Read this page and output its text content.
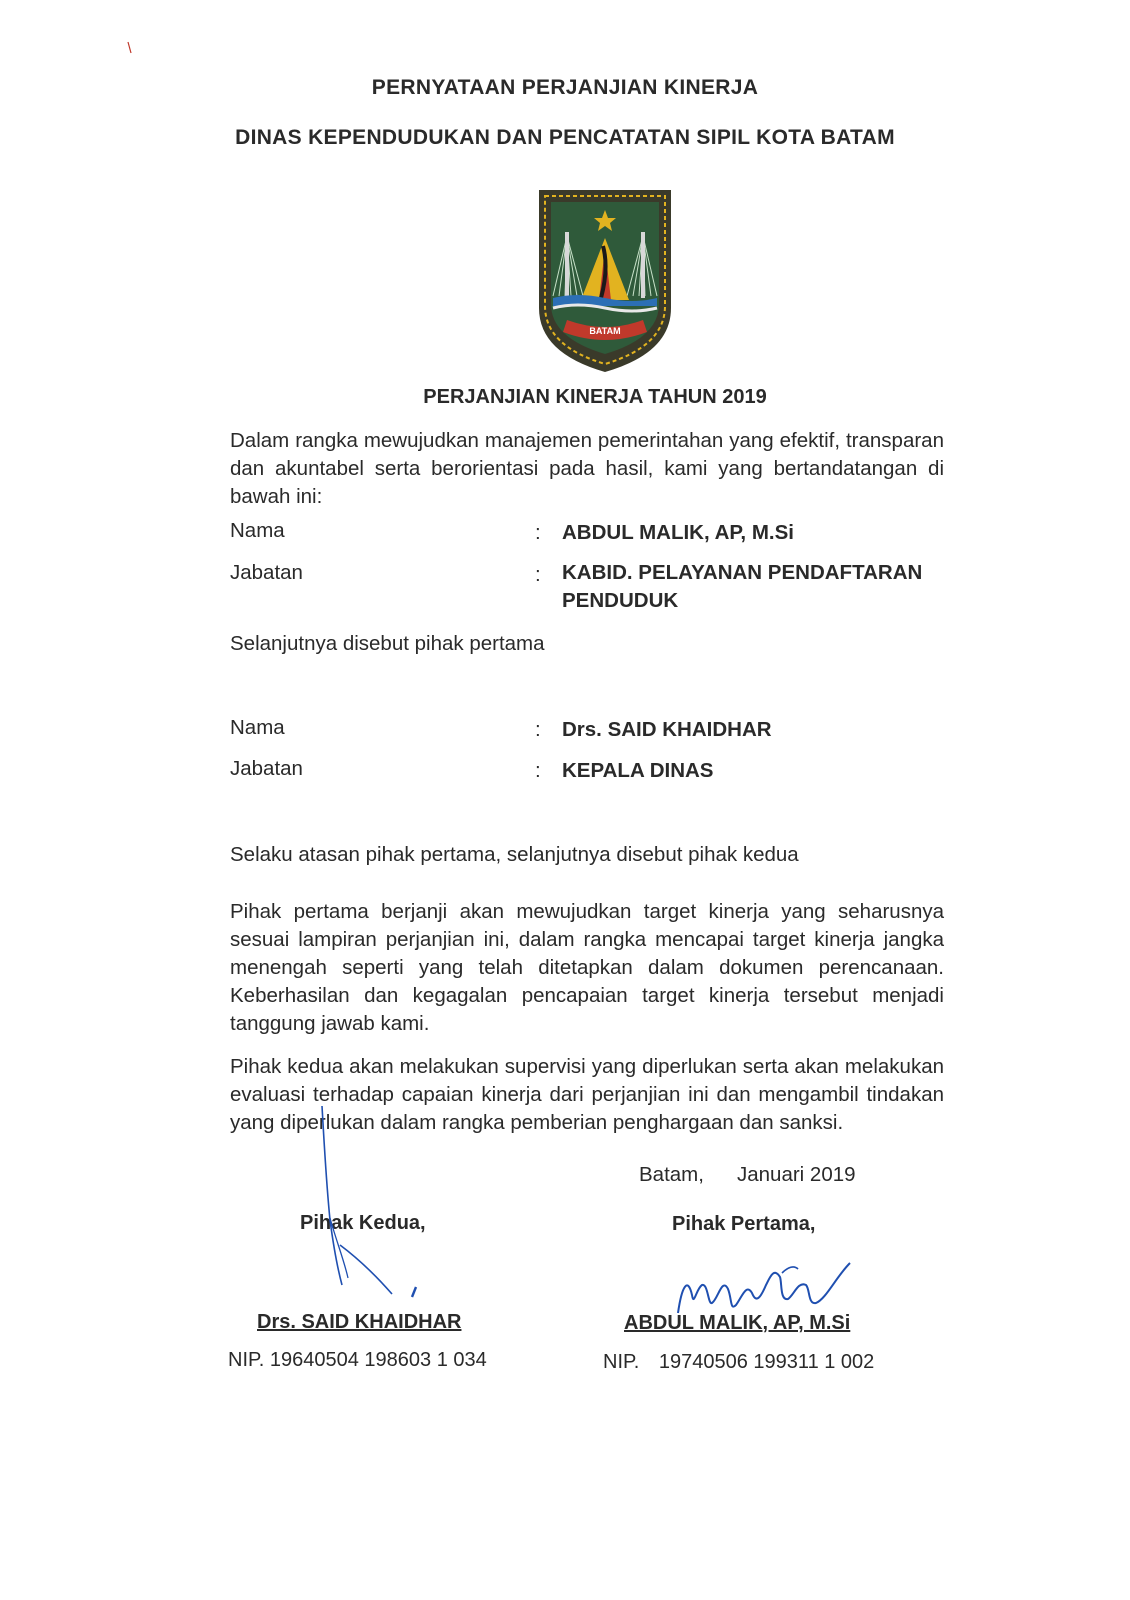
PERNYATAAN PERJANJIAN KINERJA
DINAS KEPENDUDUKAN DAN PENCATATAN SIPIL KOTA BATAM
BATAM
PERJANJIAN KINERJA TAHUN 2019

Dalam rangka mewujudkan manajemen pemerintahan yang efektif, transparan dan akuntabel serta berorientasi pada hasil, kami yang bertandatangan di bawah ini:

Nama	: ABDUL MALIK, AP, M.Si
Jabatan	: KABID. PELAYANAN PENDAFTARAN PENDUDUK
Selanjutnya disebut pihak pertama
Nama	: Drs. SAID KHAIDHAR
Jabatan	: KEPALA DINAS
Selaku atasan pihak pertama, selanjutnya disebut pihak kedua

Pihak pertama berjanji akan mewujudkan target kinerja yang seharusnya sesuai lampiran perjanjian ini, dalam rangka mencapai target kinerja jangka menengah seperti yang telah ditetapkan dalam dokumen perencanaan. Keberhasilan dan kegagalan pencapaian target kinerja tersebut menjadi tanggung jawab kami.

Pihak kedua akan melakukan supervisi yang diperlukan serta akan melakukan evaluasi terhadap capaian kinerja dari perjanjian ini dan mengambil tindakan yang diperlukan dalam rangka pemberian penghargaan dan sanksi.

Batam, Januari 2019
Pihak Kedua,	Pihak Pertama,
Drs. SAID KHAIDHAR	ABDUL MALIK, AP, M.Si
NIP. 19640504 198603 1 034	NIP. 19740506 199311 1 002
